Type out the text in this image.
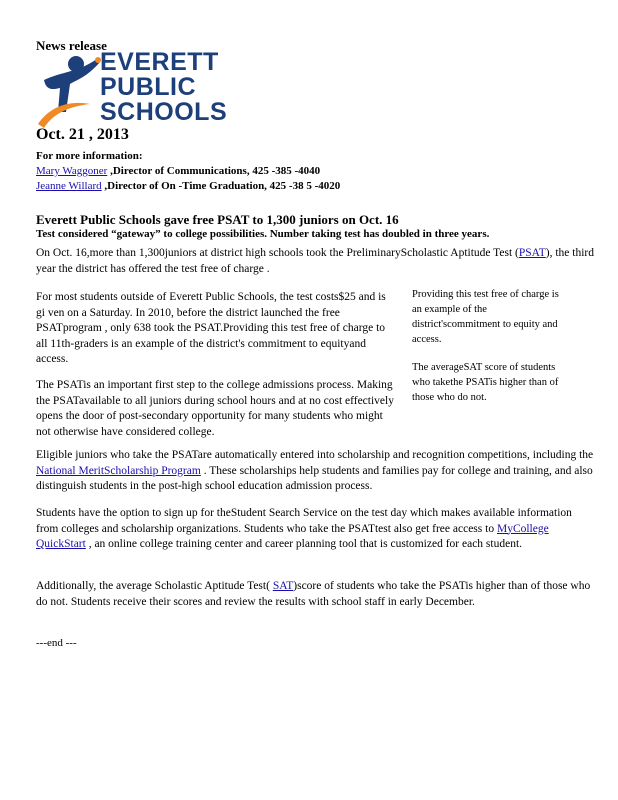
News release
EVERETT
PUBLIC
SCHOOLS
Oct. 21 , 2013
For more information:
Mary Waggoner ,Director of Communications, 425 -385 -4040
Jeanne Willard ,Director of On -Time Graduation, 425 -38 5 -4020
Everett Public Schools gave free PSAT to 1,300 juniors on Oct. 16
Test considered “gateway” to college possibilities. Number taking test has doubled in three years.
On Oct. 16,more than 1,300juniors at district high schools took the PreliminaryScholastic Aptitude Test (PSAT), the third year the district has offered the test free of charge .
For most students outside of Everett Public Schools, the test costs$25 and is gi ven on a Saturday. In 2010, before the district launched the free PSATprogram , only 638 took the PSAT.Providing this test free of charge to all 11th-graders is an example of the district's commitment to equityand access.
The PSATis an important first step to the college admissions process. Making the PSATavailable to all juniors during school hours and at no cost effectively opens the door of post-secondary opportunity for many students who might not otherwise have considered college.
Providing this test free of charge is an example of the district'scommitment to equity and access.
The averageSAT score of students who takethe PSATis higher than of those who do not.
Eligible juniors who take the PSATare automatically entered into scholarship and recognition competitions, including the National MeritScholarship Program . These scholarships help students and families pay for college and training, and also distinguish students in the post-high school education admission process.
Students have the option to sign up for theStudent Search Service on the test day which makes available information from colleges and scholarship organizations. Students who take the PSATtest also get free access to MyCollege QuickStart , an online college training center and career planning tool that is customized for each student.
Additionally, the average Scholastic Aptitude Test( SAT)score of students who take the PSATis higher than of those who do not. Students receive their scores and review the results with school staff in early December.
---end ---
